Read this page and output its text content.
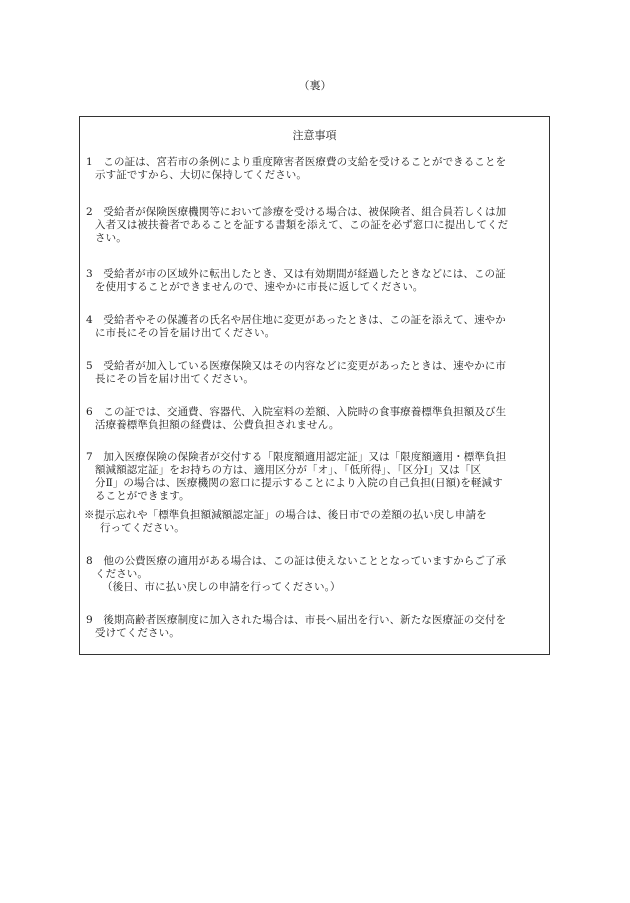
（裏）
注意事項
1　この証は、宮若市の条例により重度障害者医療費の支給を受けることができることを
示す証ですから、大切に保持してください。
2　受給者が保険医療機関等において診療を受ける場合は、被保険者、組合員若しくは加
入者又は被扶養者であることを証する書類を添えて、この証を必ず窓口に提出してくだ
さい。
3　受給者が市の区域外に転出したとき、又は有効期間が経過したときなどには、この証
を使用することができませんので、速やかに市長に返してください。
4　受給者やその保護者の氏名や居住地に変更があったときは、この証を添えて、速やか
に市長にその旨を届け出てください。
5　受給者が加入している医療保険又はその内容などに変更があったときは、速やかに市
長にその旨を届け出てください。
6　この証では、交通費、容器代、入院室料の差額、入院時の食事療養標準負担額及び生
活療養標準負担額の経費は、公費負担されません。
7　加入医療保険の保険者が交付する「限度額適用認定証」又は「限度額適用・標準負担
額減額認定証」をお持ちの方は、適用区分が「オ」、「低所得」、「区分Ⅰ」又は「区
分Ⅱ」の場合は、医療機関の窓口に提示することにより入院の自己負担(日額)を軽減す
ることができます。
※提示忘れや「標準負担額減額認定証」の場合は、後日市での差額の払い戻し申請を
行ってください。
8　他の公費医療の適用がある場合は、この証は使えないこととなっていますからご了承
ください。
（後日、市に払い戻しの申請を行ってください。）
9　後期高齢者医療制度に加入された場合は、市長へ届出を行い、新たな医療証の交付を
受けてください。
